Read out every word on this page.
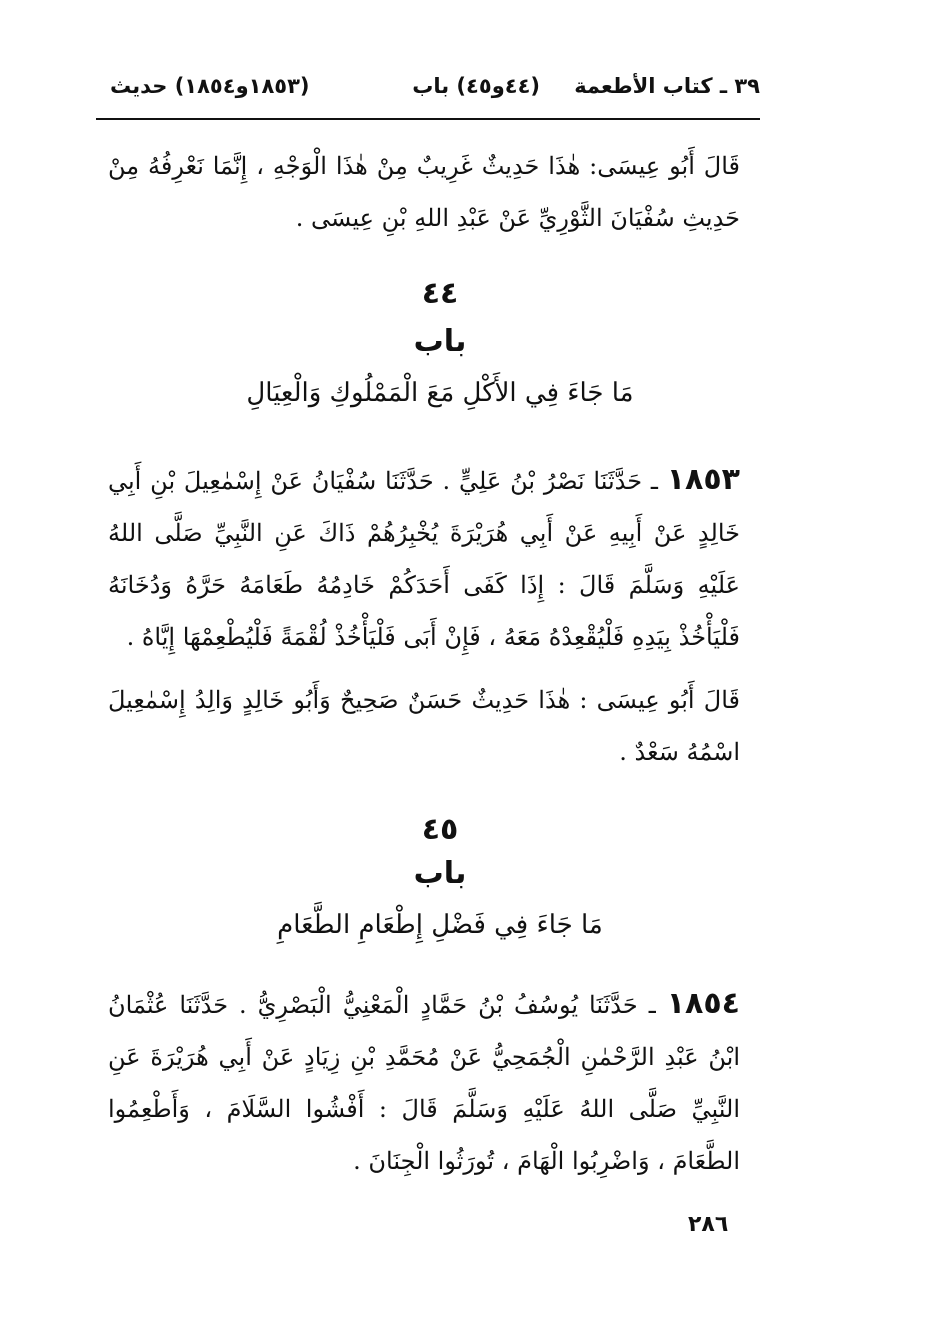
٣٩ ـ كتاب الأطعمة
(٤٤و٤٥) باب
(١٨٥٣و١٨٥٤) حديث
قَالَ أَبُو عِيسَى: هٰذَا حَدِيثٌ غَرِيبٌ مِنْ هٰذَا الْوَجْهِ ، إِنَّمَا نَعْرِفُهُ مِنْ حَدِيثِ سُفْيَانَ الثَّوْرِيِّ عَنْ عَبْدِ اللهِ بْنِ عِيسَى .
٤٤
باب
مَا جَاءَ فِي الأَكْلِ مَعَ الْمَمْلُوكِ وَالْعِيَالِ
١٨٥٣ ـ حَدَّثَنَا نَصْرُ بْنُ عَلِيٍّ . حَدَّثَنَا سُفْيَانُ عَنْ إِسْمٰعِيلَ بْنِ أَبِي خَالِدٍ عَنْ أَبِيهِ عَنْ أَبِي هُرَيْرَةَ يُخْبِرُهُمْ ذَاكَ عَنِ النَّبِيِّ صَلَّى اللهُ عَلَيْهِ وَسَلَّمَ قَالَ : إِذَا كَفَى أَحَدَكُمْ خَادِمُهُ طَعَامَهُ حَرَّهُ وَدُخَانَهُ فَلْيَأْخُذْ بِيَدِهِ فَلْيُقْعِدْهُ مَعَهُ ، فَإِنْ أَبَى فَلْيَأْخُذْ لُقْمَةً فَلْيُطْعِمْهَا إِيَّاهُ .
قَالَ أَبُو عِيسَى : هٰذَا حَدِيثٌ حَسَنٌ صَحِيحٌ وَأَبُو خَالِدٍ وَالِدُ إِسْمٰعِيلَ اسْمُهُ سَعْدٌ .
٤٥
باب
مَا جَاءَ فِي فَضْلِ إِطْعَامِ الطَّعَامِ
١٨٥٤ ـ حَدَّثَنَا يُوسُفُ بْنُ حَمَّادٍ الْمَعْنِيُّ الْبَصْرِيُّ . حَدَّثَنَا عُثْمَانُ ابْنُ عَبْدِ الرَّحْمٰنِ الْجُمَحِيُّ عَنْ مُحَمَّدِ بْنِ زِيَادٍ عَنْ أَبِي هُرَيْرَةَ عَنِ النَّبِيِّ صَلَّى اللهُ عَلَيْهِ وَسَلَّمَ قَالَ : أَفْشُوا السَّلَامَ ، وَأَطْعِمُوا الطَّعَامَ ، وَاضْرِبُوا الْهَامَ ، تُورَثُوا الْجِنَانَ .
٢٨٦
